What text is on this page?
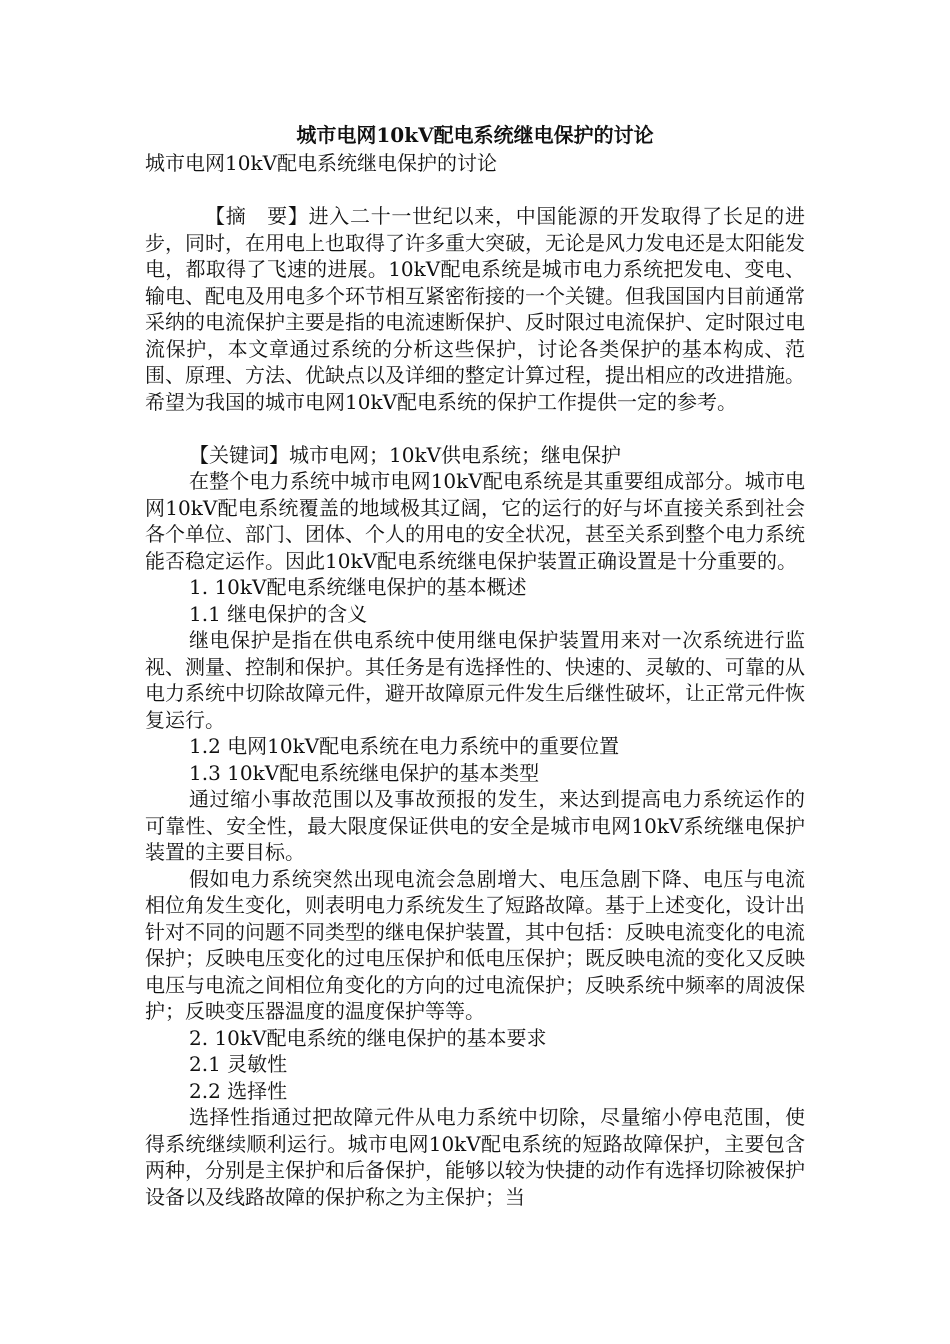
城市电网10kV配电系统继电保护的讨论

城市电网10kV配电系统继电保护的讨论

【摘　要】进入二十一世纪以来，中国能源的开发取得了长足的进步，同时，在用电上也取得了许多重大突破，无论是风力发电还是太阳能发电，都取得了飞速的进展。10kV配电系统是城市电力系统把发电、变电、输电、配电及用电多个环节相互紧密衔接的一个关键。但我国国内目前通常采纳的电流保护主要是指的电流速断保护、反时限过电流保护、定时限过电流保护，本文章通过系统的分析这些保护，讨论各类保护的基本构成、范围、原理、方法、优缺点以及详细的整定计算过程，提出相应的改进措施。希望为我国的城市电网10kV配电系统的保护工作提供一定的参考。

【关键词】城市电网；10kV供电系统；继电保护

在整个电力系统中城市电网10kV配电系统是其重要组成部分。城市电网10kV配电系统覆盖的地域极其辽阔，它的运行的好与坏直接关系到社会各个单位、部门、团体、个人的用电的安全状况，甚至关系到整个电力系统能否稳定运作。因此10kV配电系统继电保护装置正确设置是十分重要的。

1. 10kV配电系统继电保护的基本概述

1.1 继电保护的含义

继电保护是指在供电系统中使用继电保护装置用来对一次系统进行监视、测量、控制和保护。其任务是有选择性的、快速的、灵敏的、可靠的从电力系统中切除故障元件，避开故障原元件发生后继性破坏，让正常元件恢复运行。

1.2 电网10kV配电系统在电力系统中的重要位置

1.3 10kV配电系统继电保护的基本类型

通过缩小事故范围以及事故预报的发生，来达到提高电力系统运作的可靠性、安全性，最大限度保证供电的安全是城市电网10kV系统继电保护装置的主要目标。

假如电力系统突然出现电流会急剧增大、电压急剧下降、电压与电流相位角发生变化，则表明电力系统发生了短路故障。基于上述变化，设计出针对不同的问题不同类型的继电保护装置，其中包括：反映电流变化的电流保护；反映电压变化的过电压保护和低电压保护；既反映电流的变化又反映电压与电流之间相位角变化的方向的过电流保护；反映系统中频率的周波保护；反映变压器温度的温度保护等等。

2. 10kV配电系统的继电保护的基本要求

2.1 灵敏性

2.2 选择性

选择性指通过把故障元件从电力系统中切除，尽量缩小停电范围，使得系统继续顺利运行。城市电网10kV配电系统的短路故障保护，主要包含两种，分别是主保护和后备保护，能够以较为快捷的动作有选择切除被保护设备以及线路故障的保护称之为主保护；当
